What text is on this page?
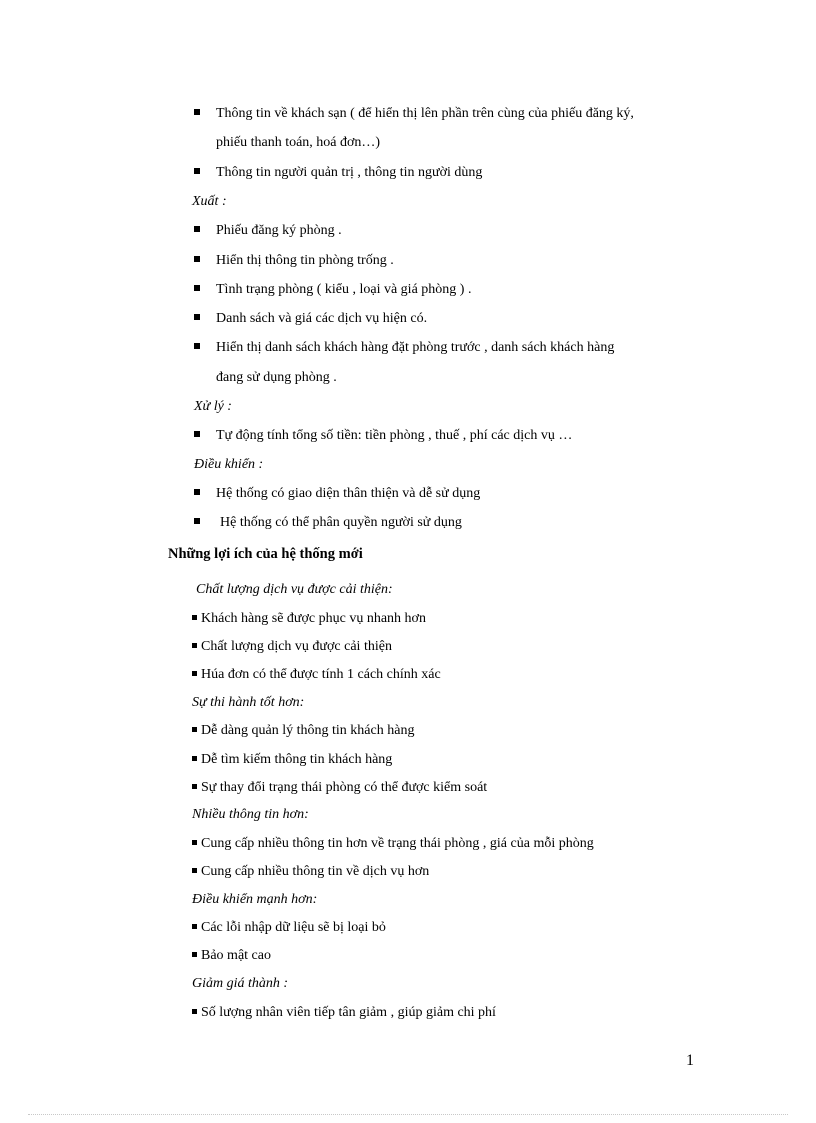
Thông tin về khách sạn ( để hiển thị lên phần trên cùng của phiếu đăng ký,
phiếu thanh toán, hoá đơn…)
Thông tin người quản trị , thông tin người dùng
Xuất :
Phiếu đăng ký phòng .
Hiển thị thông tin phòng trống .
Tình trạng phòng ( kiểu , loại và giá phòng ) .
Danh sách và giá các dịch vụ hiện có.
Hiển thị danh sách khách hàng đặt phòng trước , danh sách khách hàng
đang sử dụng phòng .
Xử lý :
Tự động tính tổng số tiền: tiền phòng , thuế , phí các dịch vụ …
Điều khiển :
Hệ thống có giao diện thân thiện và dễ sử dụng
Hệ thống có thể phân quyền người sử dụng
Những lợi ích của hệ thống mới
Chất lượng dịch vụ được cải thiện:
Khách hàng sẽ được phục vụ nhanh hơn
Chất lượng dịch vụ được cải thiện
Húa đơn có thể được tính 1 cách chính xác
Sự thi hành tốt hơn:
Dễ dàng quản lý thông tin khách hàng
Dễ tìm kiếm thông tin khách hàng
Sự thay đổi trạng thái phòng có thể được kiểm soát
Nhiều thông tin hơn:
Cung cấp nhiều thông tin hơn về trạng thái phòng , giá của mỗi phòng
Cung cấp nhiều thông tin về dịch vụ hơn
Điều khiển mạnh hơn:
Các lỗi nhập dữ liệu sẽ bị loại bỏ
Bảo mật cao
Giảm giá thành :
Số lượng nhân viên tiếp tân giảm , giúp giảm chi phí
1
